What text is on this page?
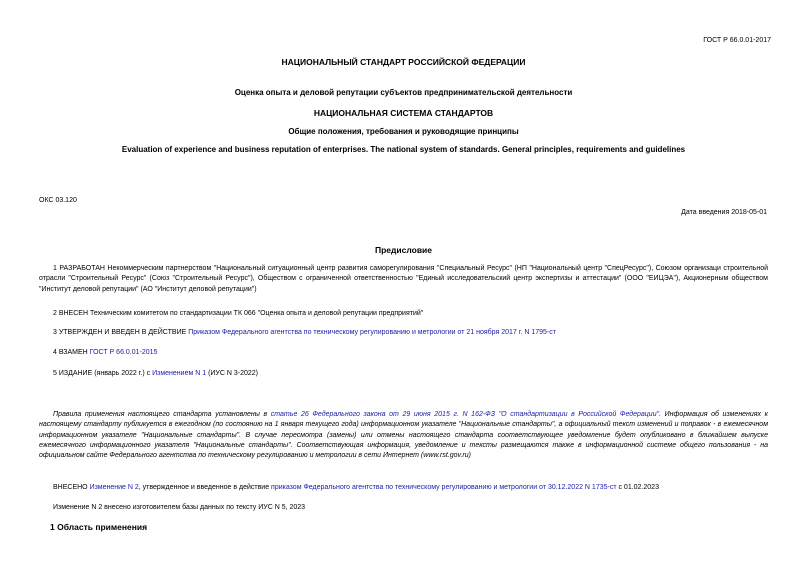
ГОСТ Р 66.0.01-2017
НАЦИОНАЛЬНЫЙ СТАНДАРТ РОССИЙСКОЙ ФЕДЕРАЦИИ
Оценка опыта и деловой репутации субъектов предпринимательской деятельности
НАЦИОНАЛЬНАЯ СИСТЕМА СТАНДАРТОВ
Общие положения, требования и руководящие принципы
Evaluation of experience and business reputation of enterprises. The national system of standards. General principles, requirements and guidelines
ОКС 03.120
Дата введения 2018-05-01
Предисловие
1 РАЗРАБОТАН Некоммерческим партнерством "Национальный ситуационный центр развития саморегулирования "Специальный Ресурс" (НП "Национальный центр "СпецРесурс"), Союзом организаци строительной отрасли "Строительный Ресурс" (Союз "Строительный Ресурс"), Обществом с ограниченной ответственностью "Единый исследовательский центр экспертизы и аттестации" (ООО "ЕИЦЭА"), Акционерным обществом "Институт деловой репутации" (АО "Институт деловой репутации")
2 ВНЕСЕН Техническим комитетом по стандартизации ТК 066 "Оценка опыта и деловой репутации предприятий"
3 УТВЕРЖДЕН И ВВЕДЕН В ДЕЙСТВИЕ Приказом Федерального агентства по техническому регулированию и метрологии от 21 ноября 2017 г. N 1795-ст
4 ВЗАМЕН ГОСТ Р 66.0.01-2015
5 ИЗДАНИЕ (январь 2022 г.) с Изменением N 1 (ИУС N 3-2022)
Правила применения настоящего стандарта установлены в статье 26 Федерального закона от 29 июня 2015 г. N 162-ФЗ "О стандартизации в Российской Федерации". Информация об изменениях к настоящему стандарту публикуется в ежегодном (по состоянию на 1 января текущего года) информационном указателе "Национальные стандарты", а официальный текст изменений и поправок - в ежемесячном информационном указателе "Национальные стандарты". В случае пересмотра (замены) или отмены настоящего стандарта соответствующее уведомление будет опубликовано в ближайшем выпуске ежемесячного информационного указателя "Национальные стандарты". Соответствующая информация, уведомление и тексты размещаются также в информационной системе общего пользования - на официальном сайте Федерального агентства по техническому регулированию и метрологии в сети Интернет (www.rst.gov.ru)
ВНЕСЕНО Изменение N 2, утвержденное и введенное в действие приказом Федерального агентства по техническому регулированию и метрологии от 30.12.2022 N 1735-ст с 01.02.2023
Изменение N 2 внесено изготовителем базы данных по тексту ИУС N 5, 2023
1 Область применения
